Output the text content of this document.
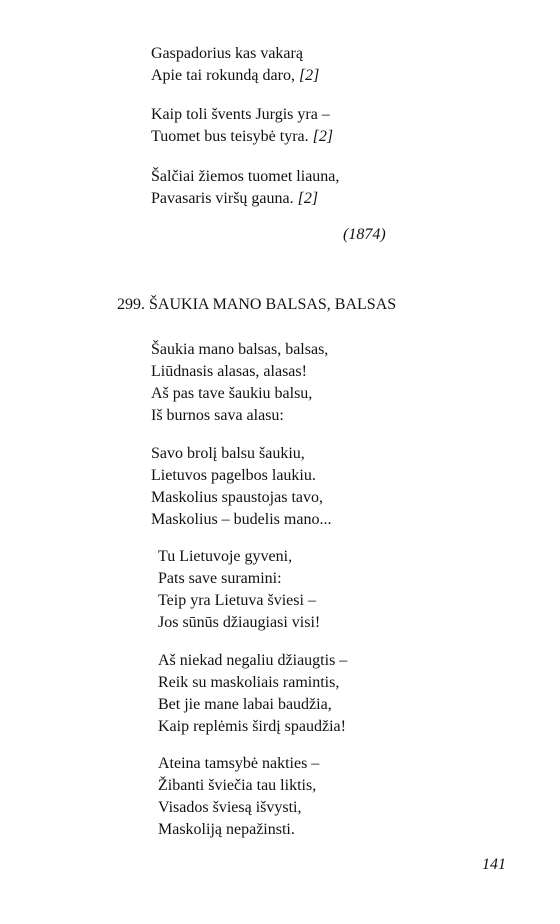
Gaspadorius kas vakarą
Apie tai rokundą daro, [2]
Kaip toli švents Jurgis yra –
Tuomet bus teisybė tyra. [2]
Šalčiai žiemos tuomet liauna,
Pavasaris viršų gauna. [2]
(1874)
299. ŠAUKIA MANO BALSAS, BALSAS
Šaukia mano balsas, balsas,
Liūdnasis alasas, alasas!
Aš pas tave šaukiu balsu,
Iš burnos sava alasu:
Savo brolį balsu šaukiu,
Lietuvos pagelbos laukiu.
Maskolius spaustojas tavo,
Maskolius – budelis mano...
Tu Lietuvoje gyveni,
Pats save suramini:
Teip yra Lietuva šviesi –
Jos sūnūs džiaugiasi visi!
Aš niekad negaliu džiaugtis –
Reik su maskoliais ramintis,
Bet jie mane labai baudžia,
Kaip replėmis širdį spaudžia!
Ateina tamsybė nakties –
Žibanti šviečia tau liktis,
Visados šviesą išvysti,
Maskoliją nepažinsti.
141
